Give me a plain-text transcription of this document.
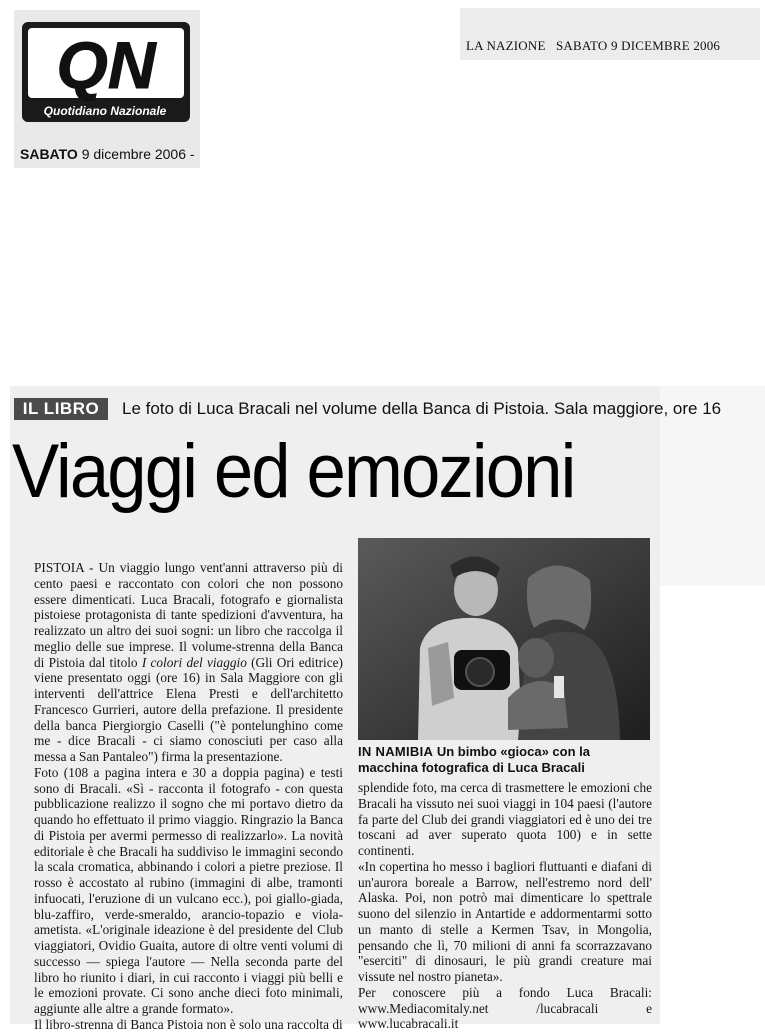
QN
Quotidiano Nazionale
SABATO 9 dicembre 2006 -
LA NAZIONE   SABATO 9 DICEMBRE 2006
IL LIBRO	Le foto di Luca Bracali nel volume della Banca di Pistoia. Sala maggiore, ore 16
Viaggi ed emozioni

PISTOIA - Un viaggio lungo vent'anni attraverso più di cento paesi e raccontato con colori che non possono essere dimenticati. Luca Bracali, fotografo e giornalista pistoiese protagonista di tante spedizioni d'avventura, ha realizzato un altro dei suoi sogni: un libro che raccolga il meglio delle sue imprese. Il volume-strenna della Banca di Pistoia dal titolo I colori del viaggio (Gli Ori editrice) viene presentato oggi (ore 16) in Sala Maggiore con gli interventi dell'attrice Elena Presti e dell'architetto Francesco Gurrieri, autore della prefazione. Il presidente della banca Piergiorgio Caselli ("è pontelunghino come me - dice Bracali - ci siamo conosciuti per caso alla messa a San Pantaleo") firma la presentazione.

Foto (108 a pagina intera e 30 a doppia pagina) e testi sono di Bracali. «Sì - racconta il fotografo - con questa pubblicazione realizzo il sogno che mi portavo dietro da quando ho effettuato il primo viaggio. Ringrazio la Banca di Pistoia per avermi permesso di realizzarlo». La novità editoriale è che Bracali ha suddiviso le immagini secondo la scala cromatica, abbinando i colori a pietre preziose. Il rosso è accostato al rubino (immagini di albe, tramonti infuocati, l'eruzione di un vulcano ecc.), poi giallo-giada, blu-zaffiro, verde-smeraldo, arancio-topazio e viola-ametista. «L'originale ideazione è del presidente del Club viaggiatori, Ovidio Guaita, autore di oltre venti volumi di successo — spiega l'autore — Nella seconda parte del libro ho riunito i diari, in cui racconto i viaggi più belli e le emozioni provate. Ci sono anche dieci foto minimali, aggiunte alle altre a grande formato».

Il libro-strenna di Banca Pistoia non è solo una raccolta di

IN NAMIBIA Un bimbo «gioca» con la macchina fotografica di Luca Bracali

splendide foto, ma cerca di trasmettere le emozioni che Bracali ha vissuto nei suoi viaggi in 104 paesi (l'autore fa parte del Club dei grandi viaggiatori ed è uno dei tre toscani ad aver superato quota 100) e in sette continenti.

«In copertina ho messo i bagliori fluttuanti e diafani di un'aurora boreale a Barrow, nell'estremo nord dell' Alaska. Poi, non potrò mai dimenticare lo spettrale suono del silenzio in Antartide e addormentarmi sotto un manto di stelle a Kermen Tsav, in Mongolia, pensando che lì, 70 milioni di anni fa scorrazzavano "eserciti" di dinosauri, le più grandi creature mai vissute nel nostro pianeta».

Per conoscere più a fondo Luca Bracali: www.Mediacomitaly.net /lucabracali e www.lucabracali.it
